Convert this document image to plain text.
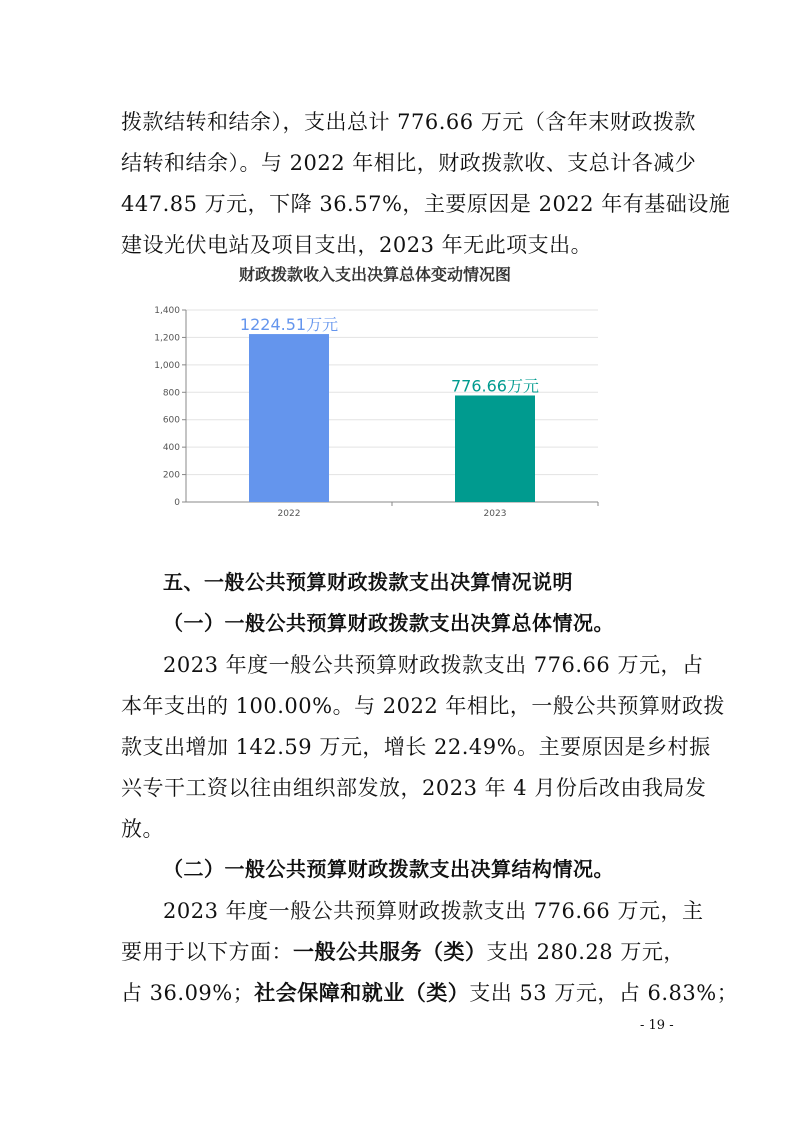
拨款结转和结余），支出总计 776.66 万元（含年末财政拨款
结转和结余）。与 2022 年相比，财政拨款收、支总计各减少
447.85 万元，下降 36.57%，主要原因是 2022 年有基础设施
建设光伏电站及项目支出，2023 年无此项支出。
财政拨款收入支出决算总体变动情况图
0
200
400
600
800
1,000
1,200
1,400
1224.51万元
2022
776.66万元
2023
五、一般公共预算财政拨款支出决算情况说明
（一）一般公共预算财政拨款支出决算总体情况。
2023 年度一般公共预算财政拨款支出 776.66 万元，占
本年支出的 100.00%。与 2022 年相比，一般公共预算财政拨
款支出增加 142.59 万元，增长 22.49%。主要原因是乡村振
兴专干工资以往由组织部发放，2023 年 4 月份后改由我局发
放。
（二）一般公共预算财政拨款支出决算结构情况。
2023 年度一般公共预算财政拨款支出 776.66 万元，主
要用于以下方面：一般公共服务（类）支出 280.28 万元，
占 36.09%；社会保障和就业（类）支出 53 万元，占 6.83%；
- 19 -
